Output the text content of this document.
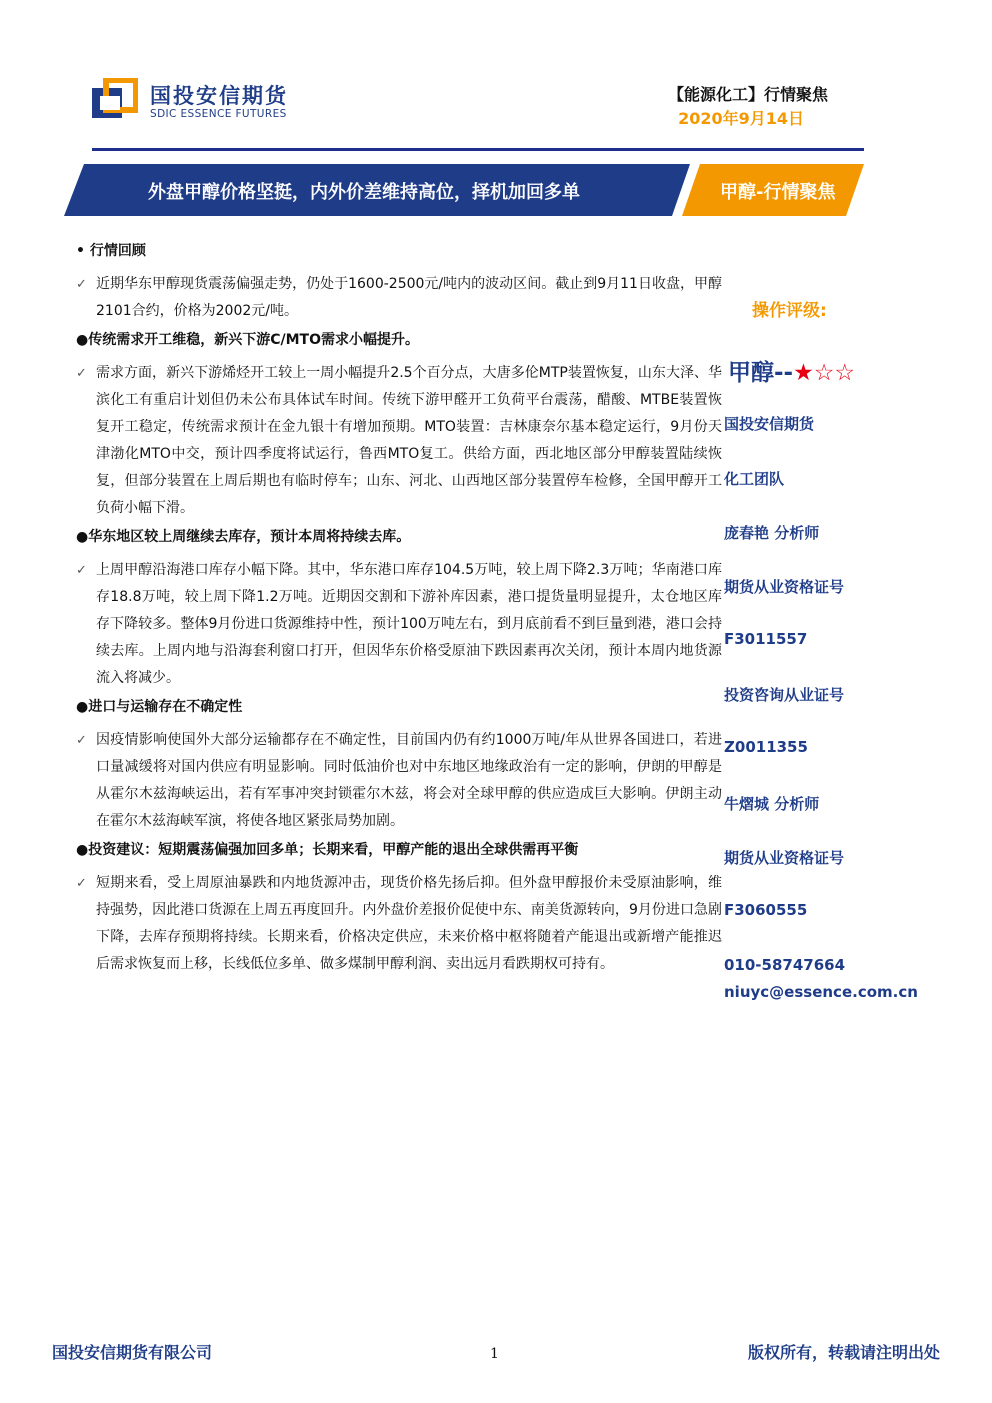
国投安信期货
SDIC ESSENCE FUTURES
【能源化工】行情聚焦
2020年9月14日
外盘甲醇价格坚挺，内外价差维持高位，择机加回多单	甲醇-行情聚焦
• 行情回顾
✓ 近期华东甲醇现货震荡偏强走势，仍处于1600-2500元/吨内的波动区间。截止到9月11日收盘，甲醇2101合约，价格为2002元/吨。
●传统需求开工维稳，新兴下游C/MTO需求小幅提升。
✓ 需求方面，新兴下游烯烃开工较上一周小幅提升2.5个百分点，大唐多伦MTP装置恢复，山东大泽、华滨化工有重启计划但仍未公布具体试车时间。传统下游甲醛开工负荷平台震荡，醋酸、MTBE装置恢复开工稳定，传统需求预计在金九银十有增加预期。MTO装置：吉林康奈尔基本稳定运行，9月份天津渤化MTO中交，预计四季度将试运行，鲁西MTO复工。供给方面，西北地区部分甲醇装置陆续恢复，但部分装置在上周后期也有临时停车；山东、河北、山西地区部分装置停车检修，全国甲醇开工负荷小幅下滑。
●华东地区较上周继续去库存，预计本周将持续去库。
✓ 上周甲醇沿海港口库存小幅下降。其中，华东港口库存104.5万吨，较上周下降2.3万吨；华南港口库存18.8万吨，较上周下降1.2万吨。近期因交割和下游补库因素，港口提货量明显提升，太仓地区库存下降较多。整体9月份进口货源维持中性，预计100万吨左右，到月底前看不到巨量到港，港口会持续去库。上周内地与沿海套利窗口打开，但因华东价格受原油下跌因素再次关闭，预计本周内地货源流入将减少。
●进口与运输存在不确定性
✓ 因疫情影响使国外大部分运输都存在不确定性，目前国内仍有约1000万吨/年从世界各国进口，若进口量减缓将对国内供应有明显影响。同时低油价也对中东地区地缘政治有一定的影响，伊朗的甲醇是从霍尔木兹海峡运出，若有军事冲突封锁霍尔木兹，将会对全球甲醇的供应造成巨大影响。伊朗主动在霍尔木兹海峡军演，将使各地区紧张局势加剧。
●投资建议：短期震荡偏强加回多单；长期来看，甲醇产能的退出全球供需再平衡
✓ 短期来看，受上周原油暴跌和内地货源冲击，现货价格先扬后抑。但外盘甲醇报价未受原油影响，维持强势，因此港口货源在上周五再度回升。内外盘价差报价促使中东、南美货源转向，9月份进口急剧下降，去库存预期将持续。长期来看，价格决定供应，未来价格中枢将随着产能退出或新增产能推迟后需求恢复而上移，长线低位多单、做多煤制甲醇利润、卖出远月看跌期权可持有。
操作评级:
甲醇--★☆☆
国投安信期货
化工团队
庞春艳 分析师
期货从业资格证号
F3011557
投资咨询从业证号
Z0011355
牛熠城 分析师
期货从业资格证号
F3060555
010-58747664
niuyc@essence.com.cn
国投安信期货有限公司	1	版权所有，转载请注明出处
